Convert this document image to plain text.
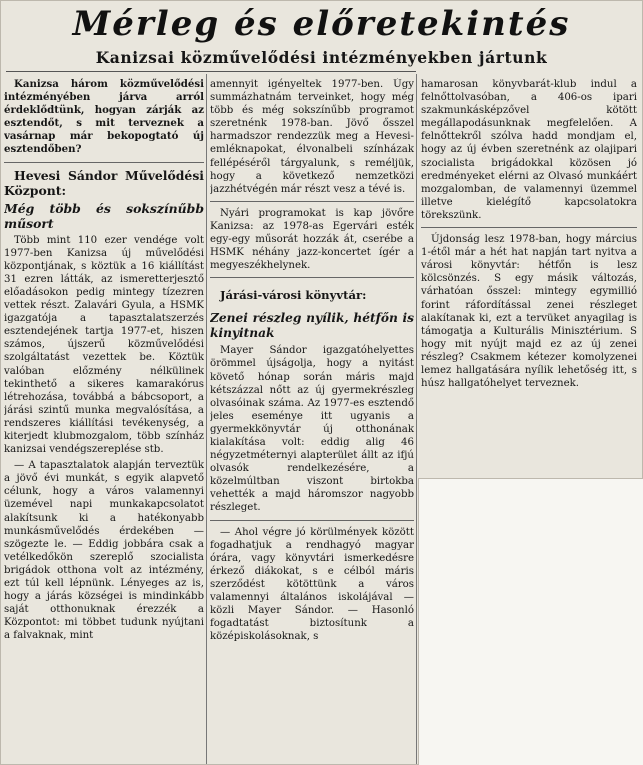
Mérleg és előretekintés
Kanizsai közművelődési intézményekben jártunk

Kanizsa három közművelődési intézményében járva arról érdeklődtünk, hogyan zárják az esztendőt, s mit terveznek a vasárnap már bekopogtató új esztendőben?

Hevesi Sándor Művelődési Központ:

Még több és sokszínűbb műsort

Több mint 110 ezer vendége volt 1977-ben Kanizsa új művelődési központjának, s köztük a 16 kiállítást 31 ezren látták, az ismeretterjesztő előadásokon pedig mintegy tízezren vettek részt. Zalavári Gyula, a HSMK igazgatója a tapasztalatszerzés esztendejének tartja 1977-et, hiszen számos, újszerű közművelődési szolgáltatást vezettek be. Köztük valóban előzmény nélkülinek tekinthető a sikeres kamarakórus létrehozása, továbbá a bábcsoport, a járási szintű munka megvalósítása, a rendszeres kiállítási tevékenység, a kiterjedt klubmozgalom, több színház kanizsai vendégszereplése stb.

— A tapasztalatok alapján terveztük a jövő évi munkát, s egyik alapvető célunk, hogy a város valamennyi üzemével napi munkakapcsolatot alakítsunk ki a hatékonyabb munkásművelődés érdekében — szögezte le. — Eddig jobbára csak a vetélkedőkön szereplő szocialista brigádok otthona volt az intézmény, ezt túl kell lépnünk. Lényeges az is, hogy a járás községei is mindinkább saját otthonuknak érezzék a Központot: mi többet tudunk nyújtani a falvaknak, mint

amennyit igényeltek 1977-ben. Úgy summázhatnám terveinket, hogy még több és még sokszínűbb programot szeretnénk 1978-ban. Jövő ősszel harmadszor rendezzük meg a Hevesi-emléknapokat, élvonalbeli színházak fellépéséről tárgyalunk, s reméljük, hogy a következő nemzetközi jazzhétvégén már részt vesz a tévé is.

Nyári programokat is kap jövőre Kanizsa: az 1978-as Egervári esték egy-egy műsorát hozzák át, cserébe a HSMK néhány jazz-koncertet ígér a megyeszékhelynek.

Járási-városi könyvtár:

Zenei részleg nyílik, hétfőn is kinyitnak

Mayer Sándor igazgatóhelyettes örömmel újságolja, hogy a nyitást követő hónap során máris majd kétszázzal nőtt az új gyermekrészleg olvasóinak száma. Az 1977-es esztendő jeles eseménye itt ugyanis a gyermekkönyvtár új otthonának kialakítása volt: eddig alig 46 négyzetméternyi alapterület állt az ifjú olvasók rendelkezésére, a közelmúltban viszont birtokba vehették a majd háromszor nagyobb részleget.

— Ahol végre jó körülmények között fogadhatjuk a rendhagyó magyar órára, vagy könyvtári ismerkedésre érkező diákokat, s e célból máris szerződést kötöttünk a város valamennyi általános iskolájával — közli Mayer Sándor. — Hasonló fogadtatást biztosítunk a középiskolásoknak, s

hamarosan könyvbarát-klub indul a felnőttolvasóban, a 406-os ipari szakmunkásképzővel kötött megállapodásunknak megfelelően. A felnőttekről szólva hadd mondjam el, hogy az új évben szeretnénk az olajipari szocialista brigádokkal közösen jó eredményeket elérni az Olvasó munkáért mozgalomban, de valamennyi üzemmel illetve kielégítő kapcsolatokra törekszünk.

Újdonság lesz 1978-ban, hogy március 1-étől már a hét hat napján tart nyitva a városi könyvtár: hétfőn is lesz kölcsönzés. S egy másik változás, várhatóan ősszel: mintegy egymillió forint ráfordítással zenei részleget alakítanak ki, ezt a tervüket anyagilag is támogatja a Kulturális Minisztérium. S hogy mit nyújt majd ez az új zenei részleg? Csakmem kétezer komolyzenei lemez hallgatására nyílik lehetőség itt, s húsz hallgatóhelyet terveznek.
